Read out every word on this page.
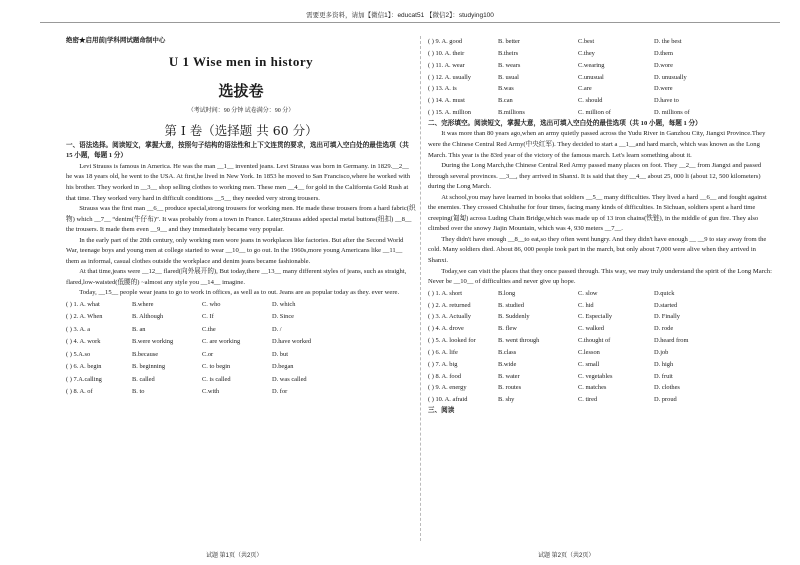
需要更多资料，请加【微信1】：educat51 【微信2】：studying100
绝密★启用前|学科网试题命制中心
U 1 Wise men in history
选拔卷
（考试时间：90 分钟 试卷满分：90 分）
第 I 卷（选择题 共 60 分）

一、语法选择。阅读短文，掌握大意，按照句子结构的语法性和上下文连贯的要求，选出可填入空白处的最佳选项（共 15 小题，每题 1 分）

Levi Strauss is famous in America. He was the man __1__ invented jeans. Levi Strauss was born in Germany. in 1829.__2__ he was 18 years old, he went to the USA. At first,he lived in New York. In 1853 he moved to San Francisco,where he worked with his brother. They worked in __3__ shop selling clothes to working men. These men __4__ for gold in the California Gold Rush at that time. They worked very hard in difficult conditions __5__ they needed very strong trousers.

Strauss was the first man __6__ produce special,strong trousers for working men. He made these trousers from a hard fabric(织物) which __7__ “denim(牛仔布)”. It was probably from a town in France. Later,Strauss added special metal buttons(纽扣) __8__ the trousers. It made them even __9__ and they immediately became very popular.

In the early part of the 20th century, only working men wore jeans in workplaces like factories. But after the Second World War, teenage boys and young men at college started to wear __10__ to go out. In the 1960s,more young Americans like __11__ them as informal, casual clothes outside the workplace and denim jeans became fashionable.

At that time,jeans were __12__ flared(向外展开的), But today,there __13__ many different styles of jeans, such as straight, flared,low-waisted(低腰的) ~almost any style you __14__ imagine.

Today, __15__ people wear jeans to go to work in offices, as well as to out. Jeans are as popular today as they. ever were.

( ) 1. A. what	B.where	C. who	D. which
( ) 2. A. When	B. Although	C. If	D. Since
( ) 3. A. a	B. an	C.the	D. /
( ) 4. A. work	B.were working	C. are working	D.have worked
( ) 5.A.so	B.because	C.or	D. but
( ) 6. A. begin	B. beginning	C. to begin	D.began
( ) 7.A.calling	B. called	C. is called	D. was called
( ) 8. A. of	B. to	C.with	D. for
( ) 9. A. good	B. better	C.best	D. the best
( ) 10. A. their	B.theirs	C.they	D.them
( ) 11. A. wear	B. wears	C.wearing	D.wore
( ) 12. A. usually	B. usual	C.unusual	D. unusually
( ) 13. A. is	B.was	C.are	D.were
( ) 14. A. must	B.can	C. should	D.have to
( ) 15. A. million	B.millions	C. million of	D. millions of

二、完形填空。阅读短文，掌握大意，选出可填入空白处的最佳选项（共 10 小题，每题 1 分）

It was more than 80 years ago,when an army quietly passed across the Yudu River in Ganzhou City, Jiangxi Province.They were the Chinese Central Red Army(中央红军). They decided to start a __1__and hard march, which was known as the Long March. This year is the 83rd year of the victory of the famous march. Let's learn something about it.

During the Long March,the Chinese Central Red Army passed many places on foot. They __2__ from Jiangxi and passed through several provinces. __3__, they arrived in Shanxi. It is said that they __4__ about 25, 000 li (about 12, 500 kilometers) during the Long March.

At school,you may have learned in books that soldiers __5__ many difficulties. They lived a hard __6__ and fought against the enemies. They crossed Chishuihe for four times, facing many kinds of difficulties. In Sichuan, soldiers spent a hard time creeping(匍匐) across Luding Chain Bridge,which was made up of 13 iron chains(铁链), in the middle of gun fire. They also climbed over the snowy Jiajin Mountain, which was 4, 930 meters __7__.

They didn't have enough __8__to eat,so they often went hungry. And they didn't have enough __ __9 to stay away from the cold. Many soldiers died. About 86, 000 people took part in the march, but only about 7,000 were alive when they arrived in Shanxi.

Today,we can visit the places that they once passed through. This way, we may truly understand the spirit of the Long March: Never be __10__ of difficulties and never give up hope.

( ) 1. A. short	B.long	C. slow	D.quick
( ) 2. A. returned	B. studied	C. hid	D.started
( ) 3. A. Actually	B. Suddenly	C. Especially	D. Finally
( ) 4. A. drove	B. flew	C. walked	D. rode
( ) 5. A. looked for	B. went through	C.thought of	D.heard from
( ) 6. A. life	B.class	C.lesson	D.job
( ) 7. A. big	B.wide	C. small	D. high
( ) 8. A. food	B. water	C. vegetables	D. fruit
( ) 9. A. energy	B. routes	C. matches	D. clothes
( ) 10. A. afraid	B. shy	C. tired	D. proud

三、阅读

试题 第1页（共2页）	试题 第2页（共2页）
